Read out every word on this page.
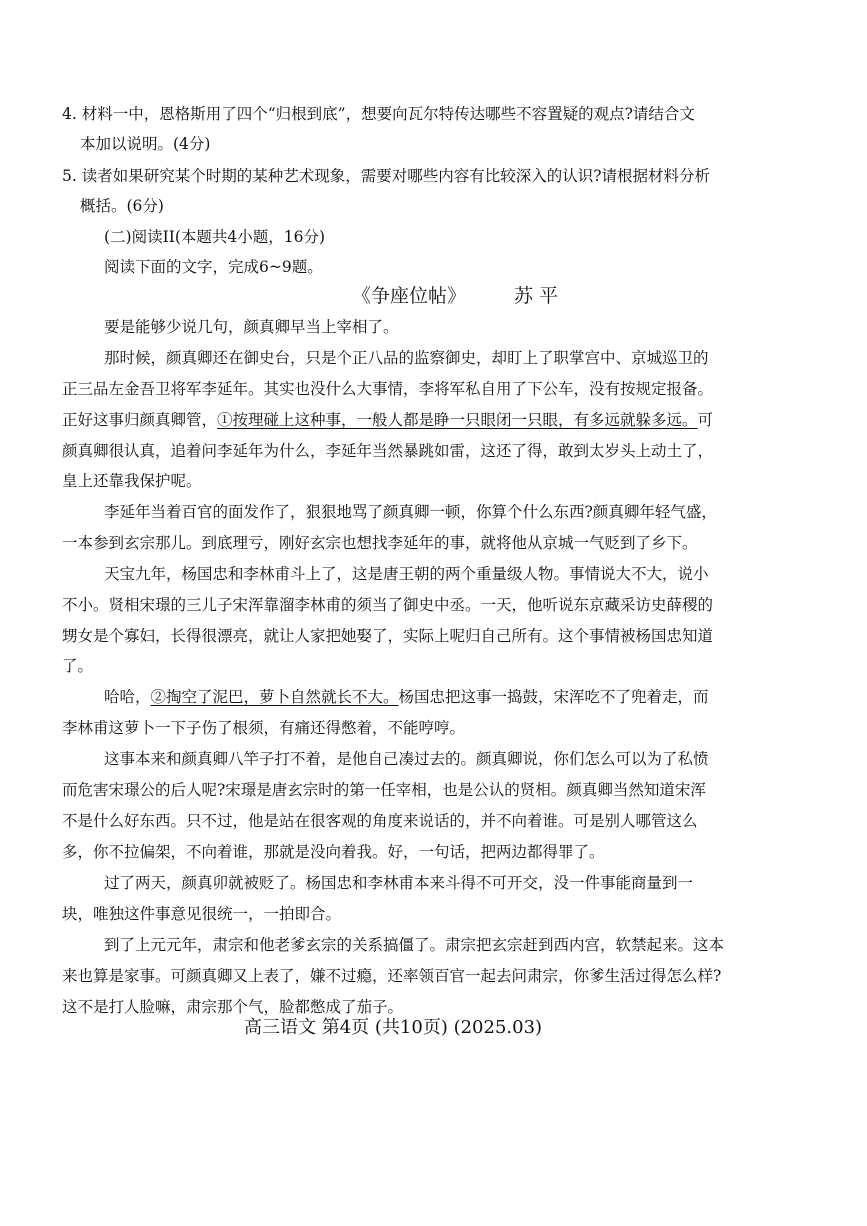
4. 材料一中，恩格斯用了四个“归根到底”，想要向瓦尔特传达哪些不容置疑的观点?请结合文
本加以说明。(4分)
5. 读者如果研究某个时期的某种艺术现象，需要对哪些内容有比较深入的认识?请根据材料分析
概括。(6分)
(二)阅读II(本题共4小题，16分)
阅读下面的文字，完成6~9题。
《争座位帖》	苏 平
要是能够少说几句，颜真卿早当上宰相了。
那时候，颜真卿还在御史台，只是个正八品的监察御史，却盯上了职掌宫中、京城巡卫的
正三品左金吾卫将军李延年。其实也没什么大事情，李将军私自用了下公车，没有按规定报备。
正好这事归颜真卿管，①按理碰上这种事，一般人都是睁一只眼闭一只眼，有多远就躲多远。可
颜真卿很认真，追着问李延年为什么，李延年当然暴跳如雷，这还了得，敢到太岁头上动土了，
皇上还靠我保护呢。
李延年当着百官的面发作了，狠狠地骂了颜真卿一顿，你算个什么东西?颜真卿年轻气盛，
一本参到玄宗那儿。到底理亏，刚好玄宗也想找李延年的事，就将他从京城一气贬到了乡下。
天宝九年，杨国忠和李林甫斗上了，这是唐王朝的两个重量级人物。事情说大不大，说小
不小。贤相宋璟的三儿子宋浑靠溜李林甫的须当了御史中丞。一天，他听说东京藏采访史薛稷的
甥女是个寡妇，长得很漂亮，就让人家把她娶了，实际上呢归自己所有。这个事情被杨国忠知道
了。
哈哈，②掏空了泥巴，萝卜自然就长不大。杨国忠把这事一捣鼓，宋浑吃不了兜着走，而
李林甫这萝卜一下子伤了根须，有痛还得憋着，不能哼哼。
这事本来和颜真卿八竿子打不着，是他自己凑过去的。颜真卿说，你们怎么可以为了私愤
而危害宋璟公的后人呢?宋璟是唐玄宗时的第一任宰相，也是公认的贤相。颜真卿当然知道宋浑
不是什么好东西。只不过，他是站在很客观的角度来说话的，并不向着谁。可是别人哪管这么
多，你不拉偏架，不向着谁，那就是没向着我。好，一句话，把两边都得罪了。
过了两天，颜真卯就被贬了。杨国忠和李林甫本来斗得不可开交，没一件事能商量到一
块，唯独这件事意见很统一，一拍即合。
到了上元元年，肃宗和他老爹玄宗的关系搞僵了。肃宗把玄宗赶到西内宫，软禁起来。这本
来也算是家事。可颜真卿又上表了，嫌不过瘾，还率领百官一起去问肃宗，你爹生活过得怎么样?
这不是打人脸嘛，肃宗那个气，脸都憋成了茄子。
高三语文 第4页 (共10页) (2025.03)
